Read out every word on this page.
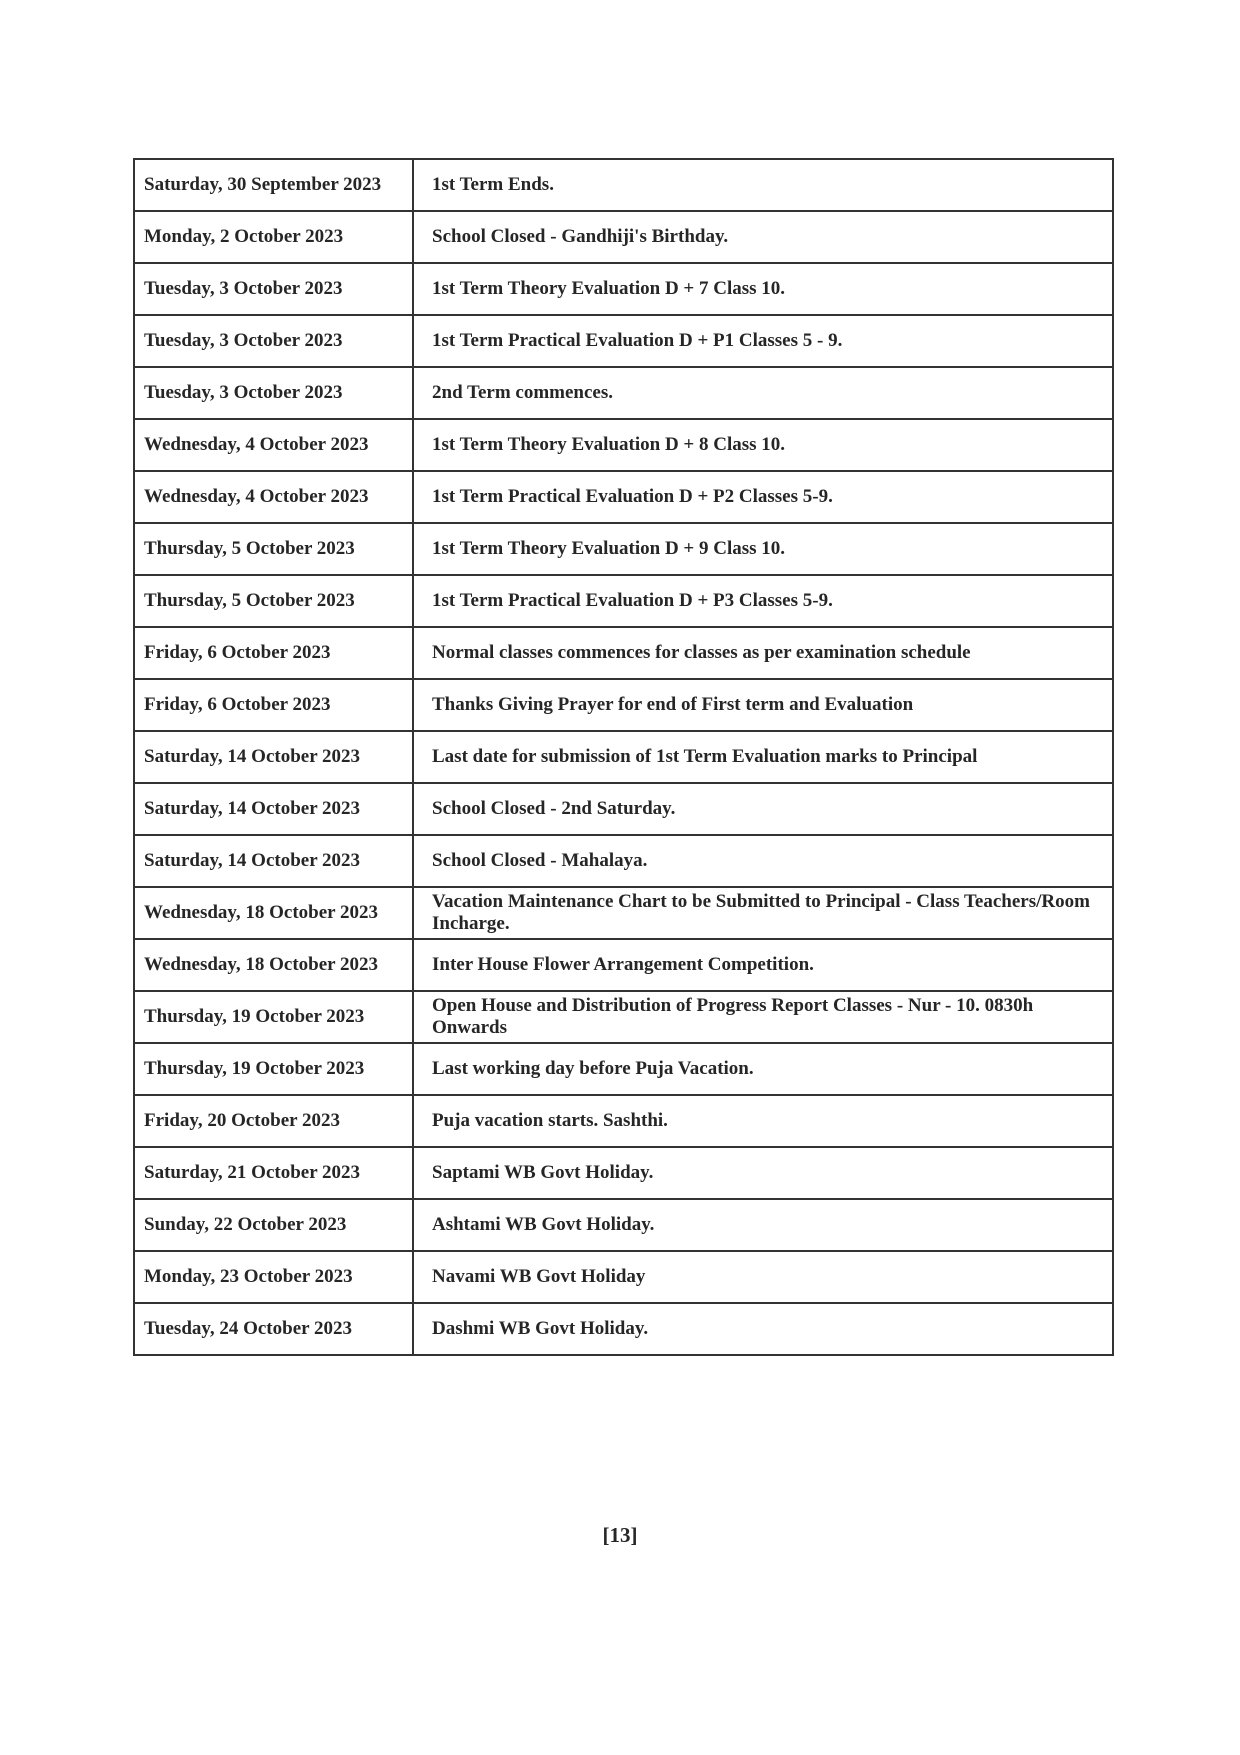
Saturday, 30 September 2023	1st Term Ends.
Monday, 2 October 2023	School Closed - Gandhiji's Birthday.
Tuesday, 3 October 2023	1st Term Theory Evaluation D + 7 Class 10.
Tuesday, 3 October 2023	1st Term Practical Evaluation D + P1 Classes 5 - 9.
Tuesday, 3 October 2023	2nd Term commences.
Wednesday, 4 October 2023	1st Term Theory Evaluation D + 8 Class 10.
Wednesday, 4 October 2023	1st Term Practical Evaluation D + P2 Classes 5-9.
Thursday, 5 October 2023	1st Term Theory Evaluation D + 9 Class 10.
Thursday, 5 October 2023	1st Term Practical Evaluation D + P3 Classes 5-9.
Friday, 6 October 2023	Normal classes commences for classes as per examination schedule
Friday, 6 October 2023	Thanks Giving Prayer for end of First term and Evaluation
Saturday, 14 October 2023	Last date for submission of 1st Term Evaluation marks to Principal
Saturday, 14 October 2023	School Closed - 2nd Saturday.
Saturday, 14 October 2023	School Closed - Mahalaya.
Wednesday, 18 October 2023	Vacation Maintenance Chart to be Submitted to Principal - Class Teachers/Room Incharge.
Wednesday, 18 October 2023	Inter House Flower Arrangement Competition.
Thursday, 19 October 2023	Open House and Distribution of Progress Report Classes - Nur - 10. 0830h Onwards
Thursday, 19 October 2023	Last working day before Puja Vacation.
Friday, 20 October 2023	Puja vacation starts. Sashthi.
Saturday, 21 October 2023	Saptami WB Govt Holiday.
Sunday, 22 October 2023	Ashtami WB Govt Holiday.
Monday, 23 October 2023	Navami WB Govt Holiday
Tuesday, 24 October 2023	Dashmi WB Govt Holiday.
[13]
